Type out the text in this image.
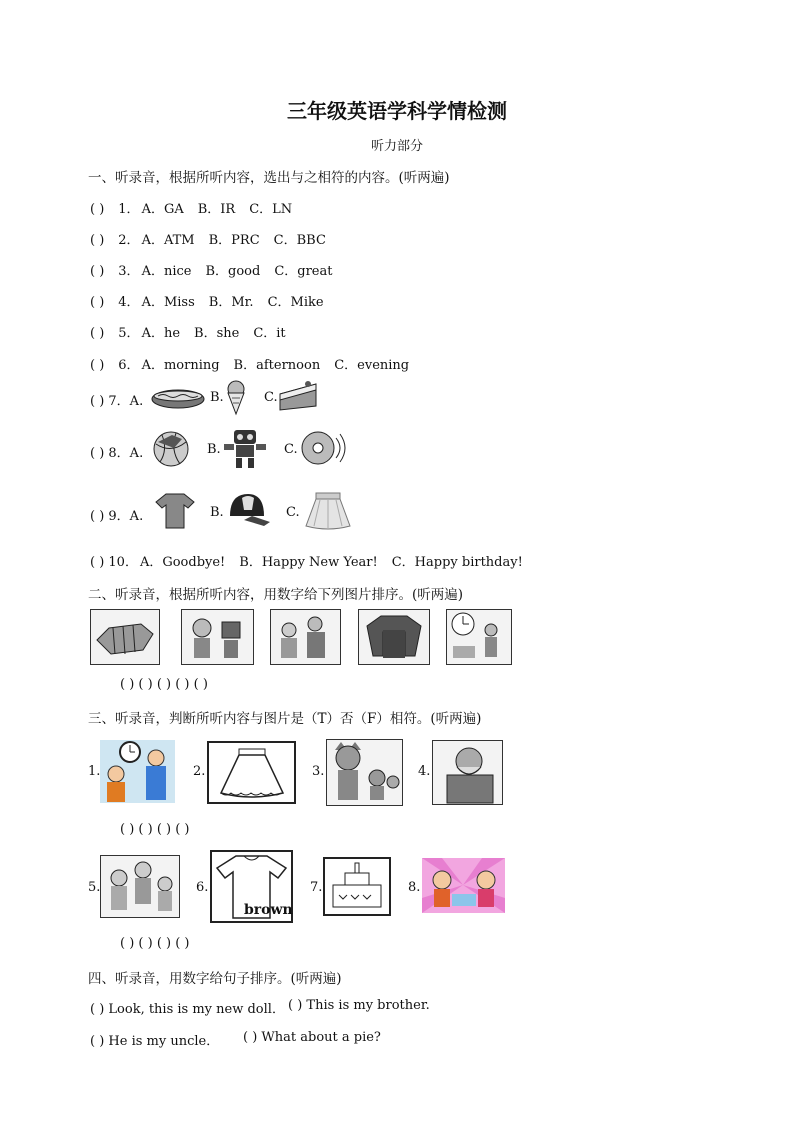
三年级英语学科学情检测
听力部分
一、听录音，根据所听内容，选出与之相符的内容。(听两遍)
( ) 1． A．GA B．IR C．LN
( ) 2． A．ATM B．PRC C．BBC
( ) 3． A．nice B．good C．great
( ) 4． A．Miss B．Mr. C．Mike
( ) 5． A．he B．she C．it
( ) 6． A．morning B．afternoon C．evening
( ) 7．A.	B.	C.
( ) 8．A.	B.	C.
( ) 9．A.	B.	C.
( ) 10． A．Goodbye! B．Happy New Year! C．Happy birthday!
二、听录音，根据所听内容，用数字给下列图片排序。(听两遍)
( ) ( ) ( ) ( ) ( )
三、听录音，判断所听内容与图片是（T）否（F）相符。(听两遍)
1.	2.	3.	4.
( ) ( ) ( ) ( )
5.	6.
brown
7.	8.
( ) ( ) ( ) ( )
四、听录音，用数字给句子排序。(听两遍)
( ) Look, this is my new doll． ( ) This is my brother.
( ) He is my uncle． ( ) What about a pie?
